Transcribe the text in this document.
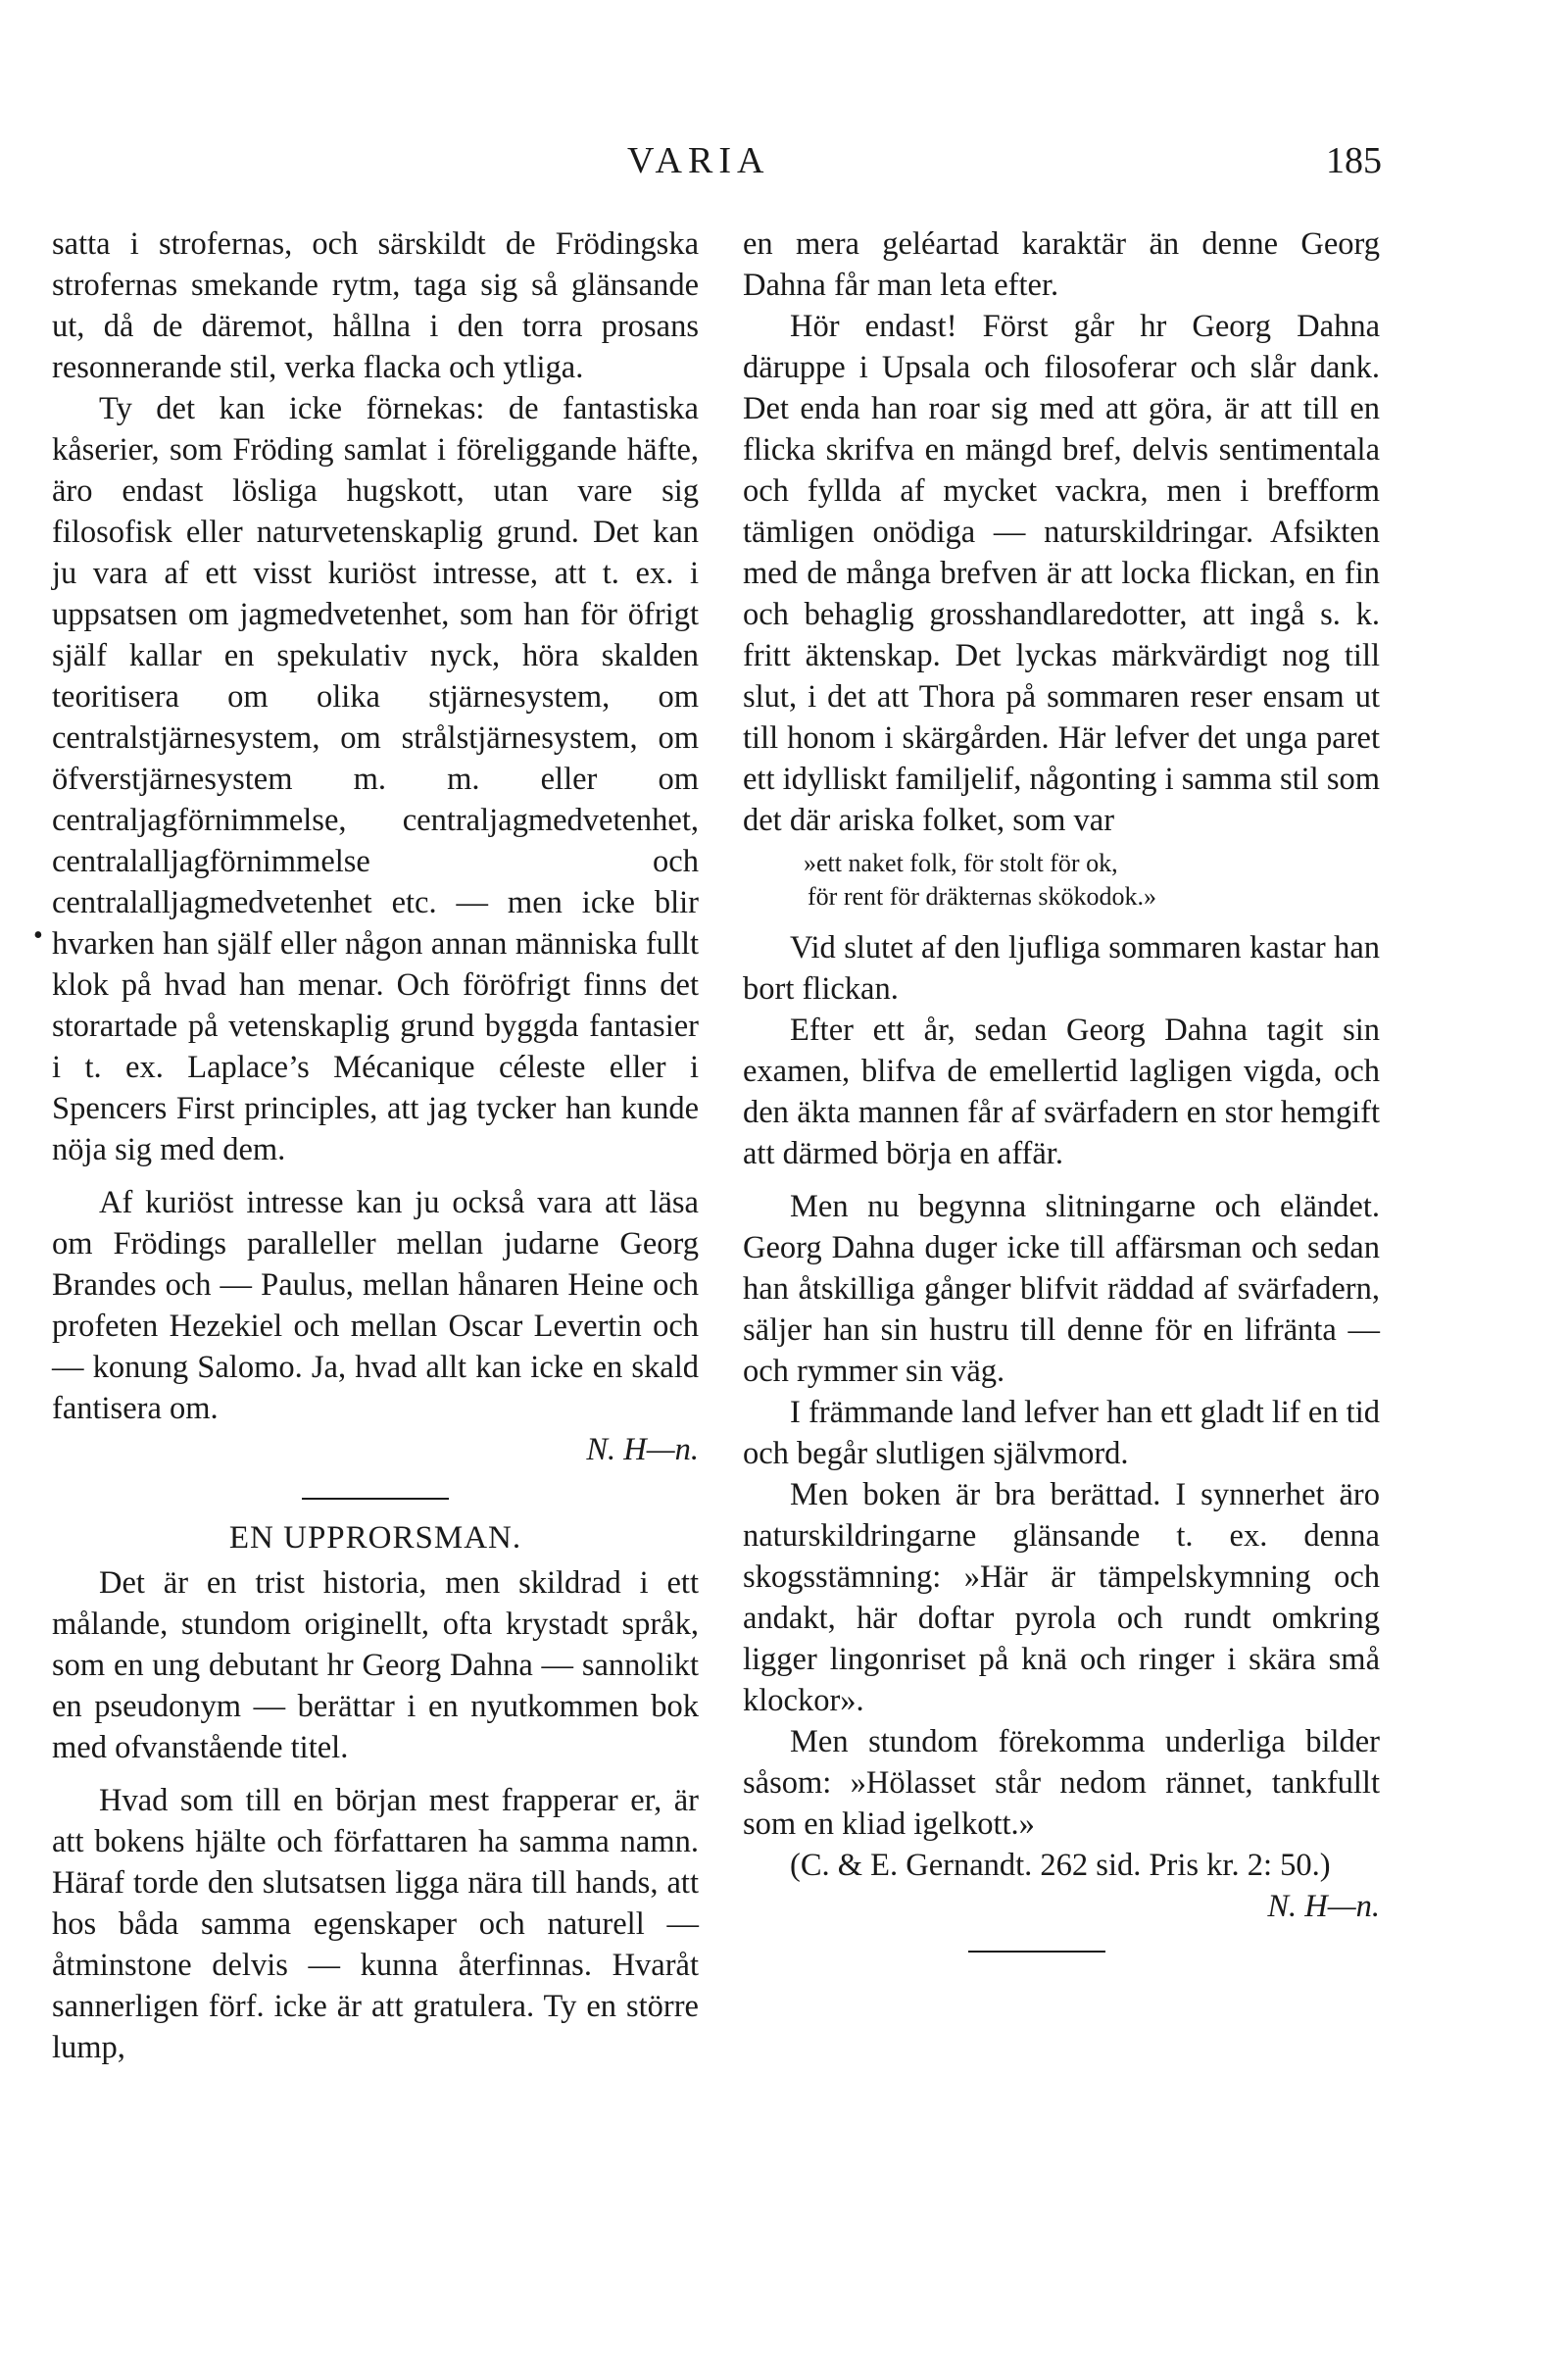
VARIA	185
•

satta i strofernas, och särskildt de Frödingska strofernas smekande rytm, taga sig så glänsande ut, då de däremot, hållna i den torra prosans resonnerande stil, verka flacka och ytliga.

Ty det kan icke förnekas: de fantastiska kåserier, som Fröding samlat i föreliggande häfte, äro endast lösliga hugskott, utan vare sig filosofisk eller naturvetenskaplig grund. Det kan ju vara af ett visst kuriöst intresse, att t. ex. i uppsatsen om jagmedvetenhet, som han för öfrigt själf kallar en spekulativ nyck, höra skalden teoritisera om olika stjärnesystem, om centralstjärnesystem, om strålstjärnesystem, om öfverstjärnesystem m. m. eller om centraljagförnimmelse, centraljagmedvetenhet, centralalljagförnimmelse och centralalljagmedvetenhet etc. — men icke blir hvarken han själf eller någon annan människa fullt klok på hvad han menar. Och föröfrigt finns det storartade på vetenskaplig grund byggda fantasier i t. ex. Laplace’s Mécanique céleste eller i Spencers First principles, att jag tycker han kunde nöja sig med dem.

Af kuriöst intresse kan ju också vara att läsa om Frödings paralleller mellan judarne Georg Brandes och — Paulus, mellan hånaren Heine och profeten Hezekiel och mellan Oscar Levertin och — konung Salomo. Ja, hvad allt kan icke en skald fantisera om.

N. H—n.
EN UPPRORSMAN.

Det är en trist historia, men skildrad i ett målande, stundom originellt, ofta krystadt språk, som en ung debutant hr Georg Dahna — sannolikt en pseudonym — berättar i en nyutkommen bok med ofvanstående titel.

Hvad som till en början mest frapperar er, är att bokens hjälte och författaren ha samma namn. Häraf torde den slutsatsen ligga nära till hands, att hos båda samma egenskaper och naturell — åtminstone delvis — kunna återfinnas. Hvaråt sannerligen förf. icke är att gratulera. Ty en större lump,

en mera geléartad karaktär än denne Georg Dahna får man leta efter.

Hör endast! Först går hr Georg Dahna däruppe i Upsala och filosoferar och slår dank. Det enda han roar sig med att göra, är att till en flicka skrifva en mängd bref, delvis sentimentala och fyllda af mycket vackra, men i brefform tämligen onödiga — naturskildringar. Afsikten med de många brefven är att locka flickan, en fin och behaglig grosshandlaredotter, att ingå s. k. fritt äktenskap. Det lyckas märkvärdigt nog till slut, i det att Thora på sommaren reser ensam ut till honom i skärgården. Här lefver det unga paret ett idylliskt familjelif, någonting i samma stil som det där ariska folket, som var

»ett naket folk, för stolt för ok,
för rent för dräkternas skökodok.»

Vid slutet af den ljufliga sommaren kastar han bort flickan.

Efter ett år, sedan Georg Dahna tagit sin examen, blifva de emellertid lagligen vigda, och den äkta mannen får af svärfadern en stor hemgift att därmed börja en affär.

Men nu begynna slitningarne och eländet. Georg Dahna duger icke till affärsman och sedan han åtskilliga gånger blifvit räddad af svärfadern, säljer han sin hustru till denne för en lifränta — och rymmer sin väg.

I främmande land lefver han ett gladt lif en tid och begår slutligen självmord.

Men boken är bra berättad. I synnerhet äro naturskildringarne glänsande t. ex. denna skogsstämning: »Här är tämpelskymning och andakt, här doftar pyrola och rundt omkring ligger lingonriset på knä och ringer i skära små klockor».

Men stundom förekomma underliga bilder såsom: »Hölasset står nedom rännet, tankfullt som en kliad igelkott.»

(C. & E. Gernandt. 262 sid. Pris kr. 2: 50.)

N. H—n.
